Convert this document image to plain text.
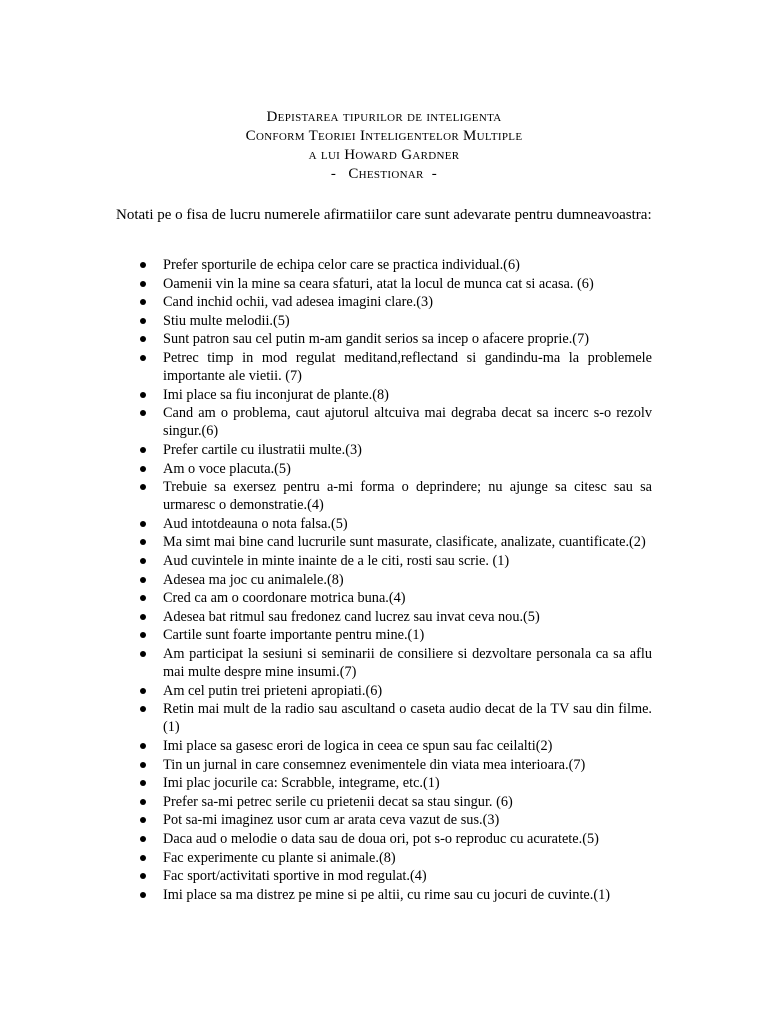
Depistarea tipurilor de inteligenta
Conform Teoriei Inteligentelor Multiple
a lui Howard Gardner
-   Chestionar  -
Notati pe o fisa de lucru numerele afirmatiilor care sunt adevarate pentru dumneavoastra:
Prefer sporturile de echipa celor care se practica individual.(6)
Oamenii vin la mine sa ceara sfaturi, atat la locul de munca cat si acasa. (6)
Cand inchid ochii, vad adesea imagini clare.(3)
Stiu multe melodii.(5)
Sunt patron sau cel putin m-am gandit serios sa incep o afacere proprie.(7)
Petrec timp in mod regulat meditand,reflectand si gandindu-ma la problemele importante ale vietii. (7)
Imi place sa fiu inconjurat de plante.(8)
Cand am o problema, caut ajutorul altcuiva mai degraba decat sa incerc s-o rezolv singur.(6)
Prefer cartile cu ilustratii multe.(3)
Am o voce placuta.(5)
Trebuie sa exersez pentru a-mi forma o deprindere; nu ajunge sa citesc sau sa urmaresc o demonstratie.(4)
Aud intotdeauna o nota falsa.(5)
Ma simt mai bine cand lucrurile sunt masurate, clasificate, analizate, cuantificate.(2)
Aud cuvintele in minte inainte de a le citi, rosti sau scrie. (1)
Adesea ma joc cu animalele.(8)
Cred ca am o coordonare motrica buna.(4)
Adesea bat ritmul sau fredonez cand lucrez sau invat ceva nou.(5)
Cartile sunt foarte importante pentru mine.(1)
Am participat la sesiuni si seminarii de consiliere si dezvoltare personala ca sa aflu mai multe despre mine insumi.(7)
Am cel putin trei prieteni apropiati.(6)
Retin mai mult de la radio sau ascultand o caseta audio decat de la TV sau din filme.(1)
Imi place sa gasesc erori de logica in ceea ce spun sau fac ceilalti(2)
Tin un jurnal in care consemnez evenimentele din viata mea interioara.(7)
Imi plac jocurile ca: Scrabble, integrame, etc.(1)
Prefer sa-mi petrec serile cu prietenii decat sa stau singur. (6)
Pot sa-mi imaginez usor cum ar arata ceva vazut de sus.(3)
Daca aud o melodie o data sau de doua ori, pot s-o reproduc cu acuratete.(5)
Fac experimente cu plante si animale.(8)
Fac sport/activitati sportive in mod regulat.(4)
Imi place sa ma distrez pe mine si pe altii, cu rime sau cu jocuri de cuvinte.(1)
